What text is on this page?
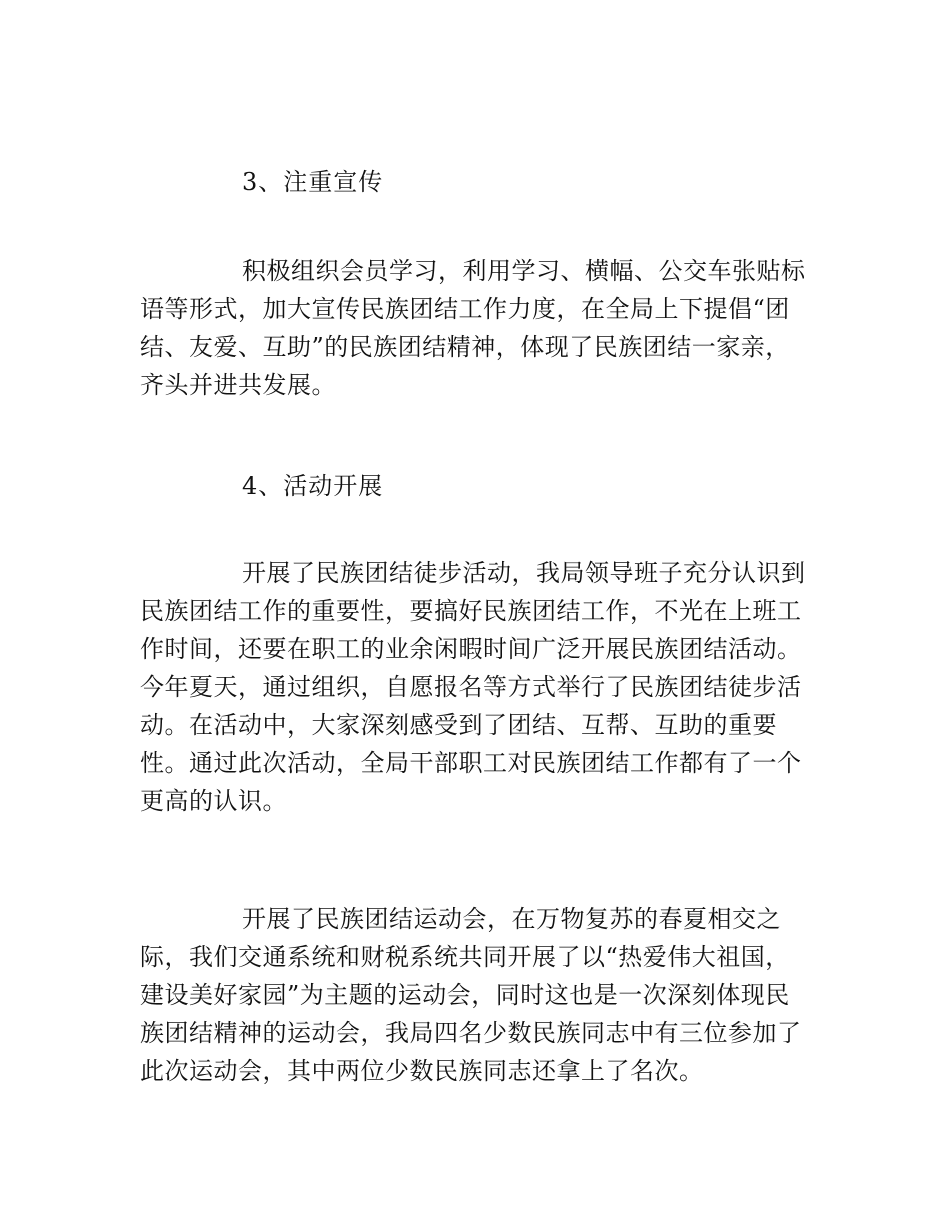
3、注重宣传
积极组织会员学习，利用学习、横幅、公交车张贴标
语等形式，加大宣传民族团结工作力度，在全局上下提倡“团
结、友爱、互助”的民族团结精神，体现了民族团结一家亲，
齐头并进共发展。
4、活动开展
开展了民族团结徒步活动，我局领导班子充分认识到
民族团结工作的重要性，要搞好民族团结工作，不光在上班工
作时间，还要在职工的业余闲暇时间广泛开展民族团结活动。
今年夏天，通过组织，自愿报名等方式举行了民族团结徒步活
动。在活动中，大家深刻感受到了团结、互帮、互助的重要
性。通过此次活动，全局干部职工对民族团结工作都有了一个
更高的认识。
开展了民族团结运动会，在万物复苏的春夏相交之
际，我们交通系统和财税系统共同开展了以“热爱伟大祖国，
建设美好家园”为主题的运动会，同时这也是一次深刻体现民
族团结精神的运动会，我局四名少数民族同志中有三位参加了
此次运动会，其中两位少数民族同志还拿上了名次。
